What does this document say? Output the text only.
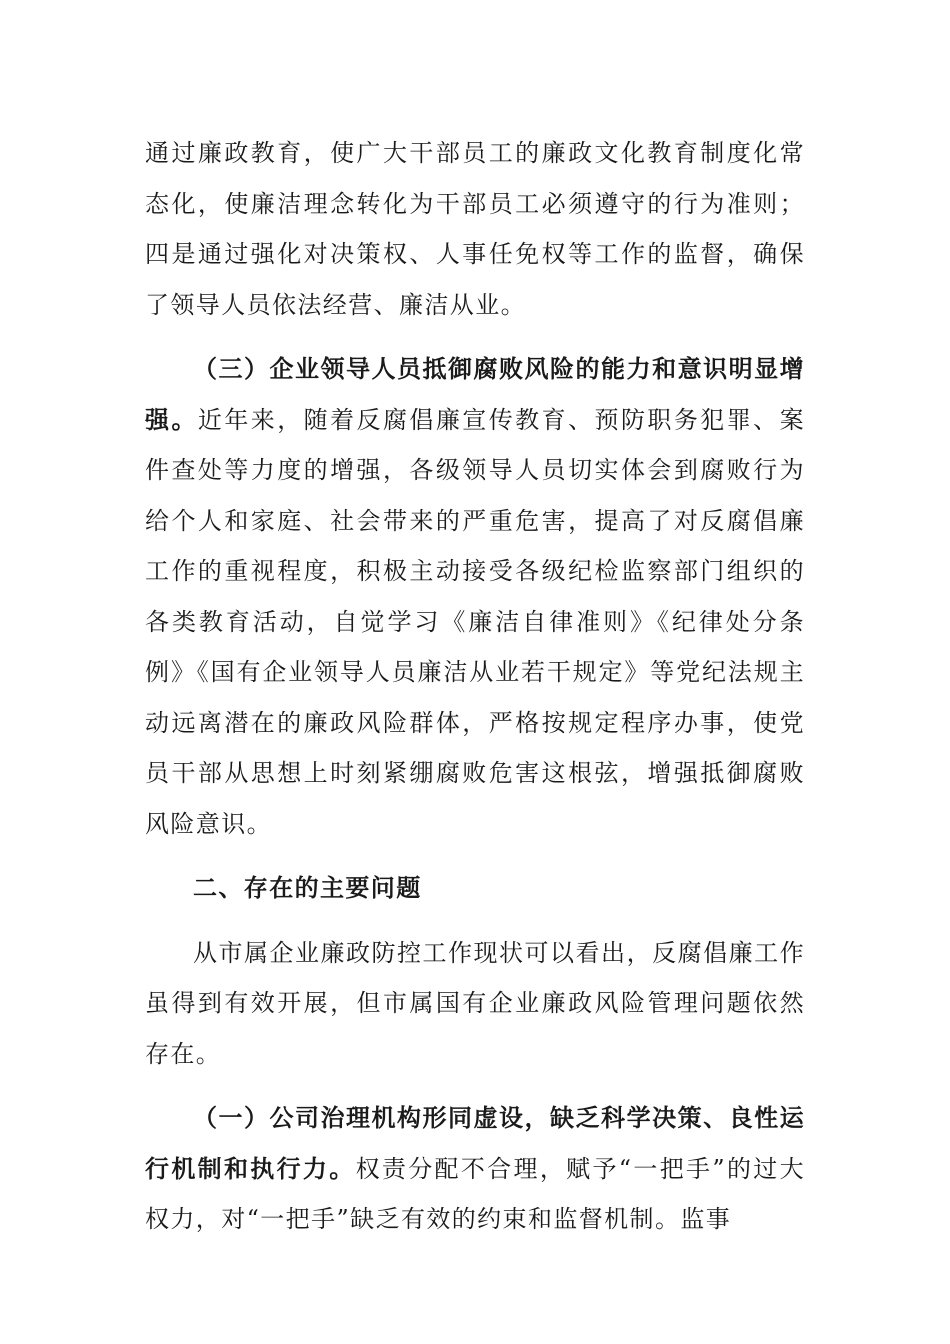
通过廉政教育，使广大干部员工的廉政文化教育制度化常态化，使廉洁理念转化为干部员工必须遵守的行为准则；四是通过强化对决策权、人事任免权等工作的监督，确保了领导人员依法经营、廉洁从业。

（三）企业领导人员抵御腐败风险的能力和意识明显增强。近年来，随着反腐倡廉宣传教育、预防职务犯罪、案件查处等力度的增强，各级领导人员切实体会到腐败行为给个人和家庭、社会带来的严重危害，提高了对反腐倡廉工作的重视程度，积极主动接受各级纪检监察部门组织的各类教育活动，自觉学习《廉洁自律准则》《纪律处分条例》《国有企业领导人员廉洁从业若干规定》等党纪法规主动远离潜在的廉政风险群体，严格按规定程序办事，使党员干部从思想上时刻紧绷腐败危害这根弦，增强抵御腐败风险意识。

二、存在的主要问题

从市属企业廉政防控工作现状可以看出，反腐倡廉工作虽得到有效开展，但市属国有企业廉政风险管理问题依然存在。

（一）公司治理机构形同虚设，缺乏科学决策、良性运行机制和执行力。权责分配不合理，赋予“一把手”的过大权力，对“一把手”缺乏有效的约束和监督机制。监事
